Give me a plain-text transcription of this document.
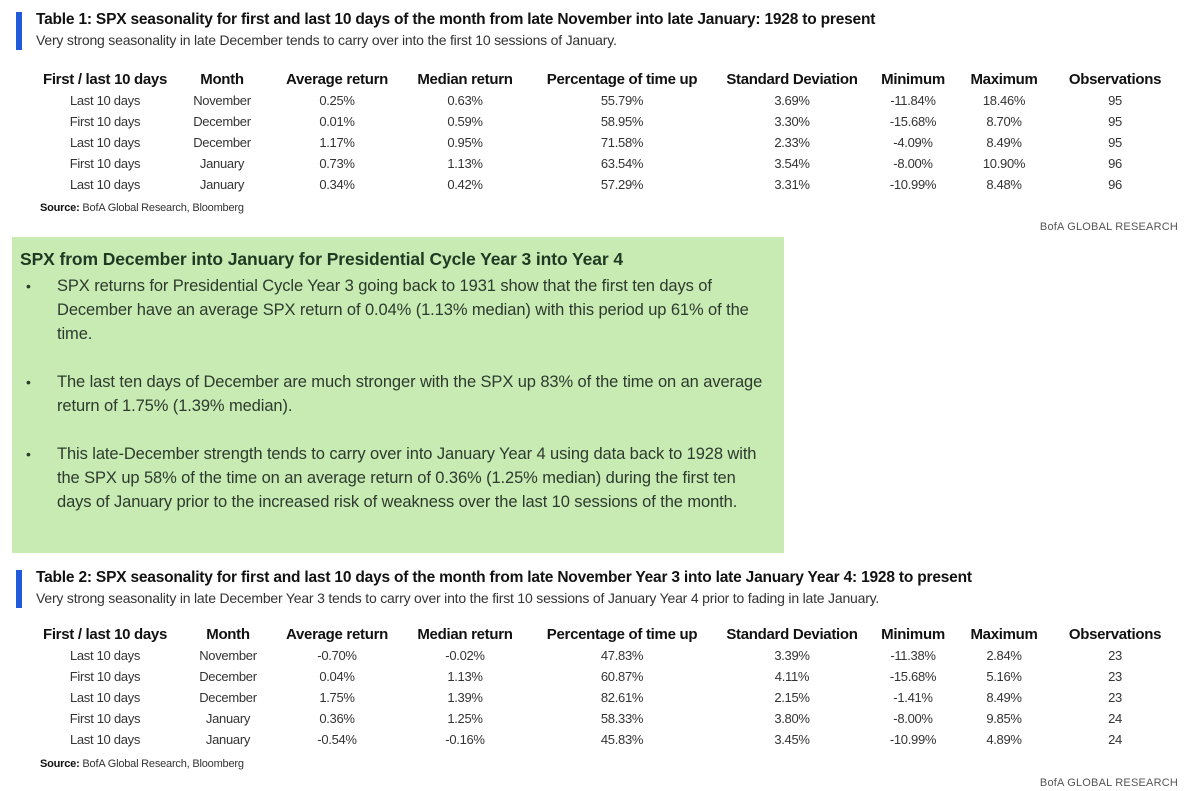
Table 1: SPX seasonality for first and last 10 days of the month from late November into late January: 1928 to present
Very strong seasonality in late December tends to carry over into the first 10 sessions of January.
First / last 10 days	Month	Average return	Median return	Percentage of time up	Standard Deviation	Minimum	Maximum	Observations
Last 10 days	November	0.25%	0.63%	55.79%	3.69%	-11.84%	18.46%	95
First 10 days	December	0.01%	0.59%	58.95%	3.30%	-15.68%	8.70%	95
Last 10 days	December	1.17%	0.95%	71.58%	2.33%	-4.09%	8.49%	95
First 10 days	January	0.73%	1.13%	63.54%	3.54%	-8.00%	10.90%	96
Last 10 days	January	0.34%	0.42%	57.29%	3.31%	-10.99%	8.48%	96
Source: BofA Global Research, Bloomberg
BofA GLOBAL RESEARCH
SPX from December into January for Presidential Cycle Year 3 into Year 4
• SPX returns for Presidential Cycle Year 3 going back to 1931 show that the first ten days of December have an average SPX return of 0.04% (1.13% median) with this period up 61% of the time.
• The last ten days of December are much stronger with the SPX up 83% of the time on an average return of 1.75% (1.39% median).
• This late-December strength tends to carry over into January Year 4 using data back to 1928 with the SPX up 58% of the time on an average return of 0.36% (1.25% median) during the first ten days of January prior to the increased risk of weakness over the last 10 sessions of the month.
Table 2: SPX seasonality for first and last 10 days of the month from late November Year 3 into late January Year 4: 1928 to present
Very strong seasonality in late December Year 3 tends to carry over into the first 10 sessions of January Year 4 prior to fading in late January.
First / last 10 days	Month	Average return	Median return	Percentage of time up	Standard Deviation	Minimum	Maximum	Observations
Last 10 days	November	-0.70%	-0.02%	47.83%	3.39%	-11.38%	2.84%	23
First 10 days	December	0.04%	1.13%	60.87%	4.11%	-15.68%	5.16%	23
Last 10 days	December	1.75%	1.39%	82.61%	2.15%	-1.41%	8.49%	23
First 10 days	January	0.36%	1.25%	58.33%	3.80%	-8.00%	9.85%	24
Last 10 days	January	-0.54%	-0.16%	45.83%	3.45%	-10.99%	4.89%	24
Source: BofA Global Research, Bloomberg
BofA GLOBAL RESEARCH
